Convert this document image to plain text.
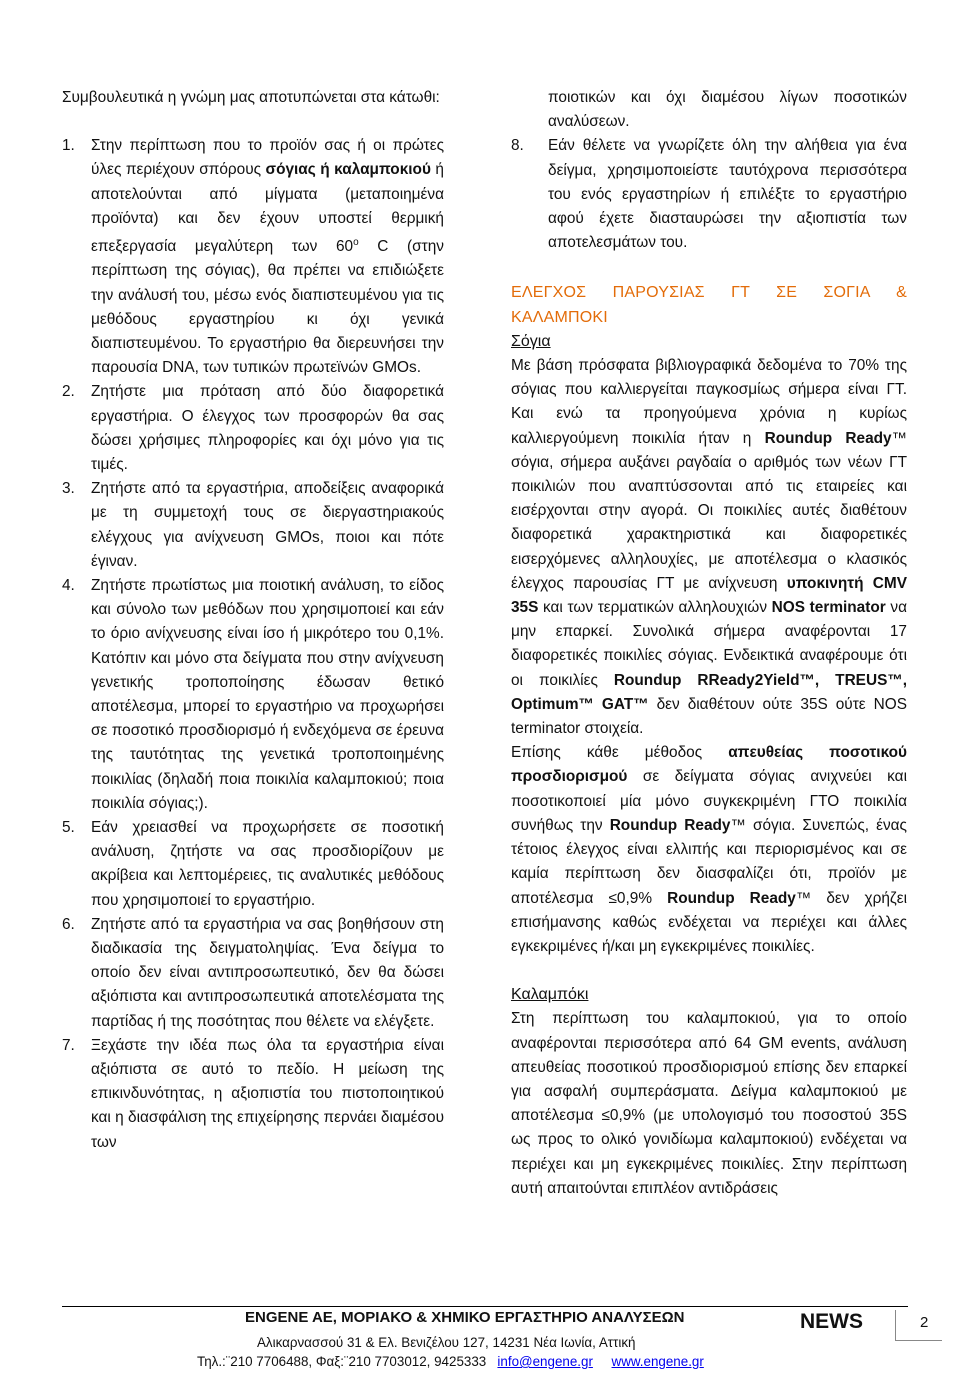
Συμβουλευτικά η γνώμη μας αποτυπώνεται στα κάτωθι:

1. Στην περίπτωση που το προϊόν σας ή οι πρώτες ύλες περιέχουν σπόρους σόγιας ή καλαμποκιού ή αποτελούνται από μίγματα (μεταποιημένα προϊόντα) και δεν έχουν υποστεί θερμική επεξεργασία μεγαλύτερη των $60^o$ C (στην περίπτωση της σόγιας), θα πρέπει να επιδιώξετε την ανάλυσή του, μέσω ενός διαπιστευμένου για τις μεθόδους εργαστηρίου κι όχι γενικά διαπιστευμένου. Το εργαστήριο θα διερευνήσει την παρουσία DNA, των τυπικών πρωτεϊνών GMOs.
2. Ζητήστε μια πρόταση από δύο διαφορετικά εργαστήρια. Ο έλεγχος των προσφορών θα σας δώσει χρήσιμες πληροφορίες και όχι μόνο για τις τιμές.
3. Ζητήστε από τα εργαστήρια, αποδείξεις αναφορικά με τη συμμετοχή τους σε διεργαστηριακούς ελέγχους για ανίχνευση GMOs, ποιοι και πότε έγιναν.
4. Ζητήστε πρωτίστως μια ποιοτική ανάλυση, το είδος και σύνολο των μεθόδων που χρησιμοποιεί και εάν το όριο ανίχνευσης είναι ίσο ή μικρότερο του 0,1%. Κατόπιν και μόνο στα δείγματα που στην ανίχνευση γενετικής τροποποίησης έδωσαν θετικό αποτέλεσμα, μπορεί το εργαστήριο να προχωρήσει σε ποσοτικό προσδιορισμό ή ενδεχόμενα σε έρευνα της ταυτότητας της γενετικά τροποποιημένης ποικιλίας (δηλαδή ποια ποικιλία καλαμποκιού; ποια ποικιλία σόγιας;).
5. Εάν χρειασθεί να προχωρήσετε σε ποσοτική ανάλυση, ζητήστε να σας προσδιορίζουν με ακρίβεια και λεπτομέρειες, τις αναλυτικές μεθόδους που χρησιμοποιεί το εργαστήριο.
6. Ζητήστε από τα εργαστήρια να σας βοηθήσουν στη διαδικασία της δειγματοληψίας. Ένα δείγμα το οποίο δεν είναι αντιπροσωπευτικό, δεν θα δώσει αξιόπιστα και αντιπροσωπευτικά αποτελέσματα της παρτίδας ή της ποσότητας που θέλετε να ελέγξετε.
7. Ξεχάστε την ιδέα πως όλα τα εργαστήρια είναι αξιόπιστα σε αυτό το πεδίο. Η μείωση της επικινδυνότητας, η αξιοπιστία του πιστοποιητικού και η διασφάλιση της επιχείρησης περνάει διαμέσου των
ποιοτικών και όχι διαμέσου λίγων ποσοτικών αναλύσεων.
8. Εάν θέλετε να γνωρίζετε όλη την αλήθεια για ένα δείγμα, χρησιμοποιείστε ταυτόχρονα περισσότερα του ενός εργαστηρίων ή επιλέξτε το εργαστήριο αφού έχετε διασταυρώσει την αξιοπιστία των αποτελεσμάτων του.
ΕΛΕΓΧΟΣ ΠΑΡΟΥΣΙΑΣ ΓΤ ΣΕ ΣΟΓΙΑ &
ΚΑΛΑΜΠΟΚΙ
Σόγια

Με βάση πρόσφατα βιβλιογραφικά δεδομένα το 70% της σόγιας που καλλιεργείται παγκοσμίως σήμερα είναι ΓΤ. Και ενώ τα προηγούμενα χρόνια η κυρίως καλλιεργούμενη ποικιλία ήταν η Roundup Ready™ σόγια, σήμερα αυξάνει ραγδαία ο αριθμός των νέων ΓΤ ποικιλιών που αναπτύσσονται από τις εταιρείες και εισέρχονται στην αγορά. Οι ποικιλίες αυτές διαθέτουν διαφορετικά χαρακτηριστικά και διαφορετικές εισερχόμενες αλληλουχίες, με αποτέλεσμα ο κλασικός έλεγχος παρουσίας ΓΤ με ανίχνευση υποκινητή CMV 35S και των τερματικών αλληλουχιών NOS terminator να μην επαρκεί. Συνολικά σήμερα αναφέρονται 17 διαφορετικές ποικιλίες σόγιας. Ενδεικτικά αναφέρουμε ότι οι ποικιλίες Roundup RReady2Yield™, TREUS™, Optimum™ GAT™ δεν διαθέτουν ούτε 35S ούτε NOS terminator στοιχεία.

Επίσης κάθε μέθοδος απευθείας ποσοτικού προσδιορισμού σε δείγματα σόγιας ανιχνεύει και ποσοτικοποιεί μία μόνο συγκεκριμένη ΓΤΟ ποικιλία συνήθως την Roundup Ready™ σόγια. Συνεπώς, ένας τέτοιος έλεγχος είναι ελλιπής και περιορισμένος και σε καμία περίπτωση δεν διασφαλίζει ότι, προϊόν με αποτέλεσμα ≤0,9% Roundup Ready™ δεν χρήζει επισήμανσης καθώς ενδέχεται να περιέχει και άλλες εγκεκριμένες ή/και μη εγκεκριμένες ποικιλίες.

Καλαμπόκι

Στη περίπτωση του καλαμποκιού, για το οποίο αναφέρονται περισσότερα από 64 GM events, ανάλυση απευθείας ποσοτικού προσδιορισμού επίσης δεν επαρκεί για ασφαλή συμπεράσματα. Δείγμα καλαμποκιού με αποτέλεσμα ≤0,9% (με υπολογισμό του ποσοστού 35S ως προς το ολικό γονιδίωμα καλαμποκιού) ενδέχεται να περιέχει και μη εγκεκριμένες ποικιλίες. Στην περίπτωση αυτή απαιτούνται επιπλέον αντιδράσεις

ENGENE AE, ΜΟΡΙΑΚΟ & ΧΗΜΙΚΟ ΕΡΓΑΣΤΗΡΙΟ ΑΝΑΛΥΣΕΩΝ	NEWS
Αλικαρνασσού 31 & Ελ. Βενιζέλου 127, 14231 Νέα Ιωνία, Αττική
Τηλ.:¨210 7706488, Φαξ:¨210 7703012, 9425333 info@engene.gr www.engene.gr
2
